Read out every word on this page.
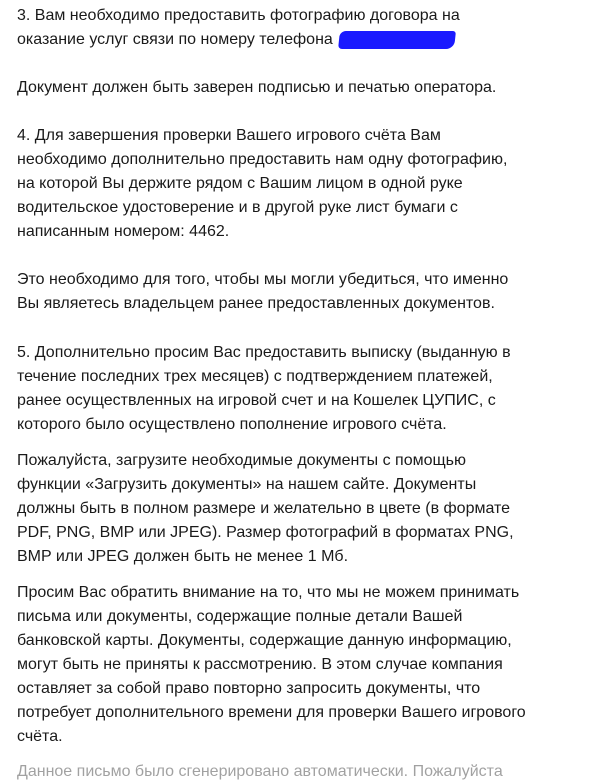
3. Вам необходимо предоставить фотографию договора на
оказание услуг связи по номеру телефона
Документ должен быть заверен подписью и печатью оператора.
4. Для завершения проверки Вашего игрового счёта Вам
необходимо дополнительно предоставить нам одну фотографию,
на которой Вы держите рядом с Вашим лицом в одной руке
водительское удостоверение и в другой руке лист бумаги с
написанным номером: 4462.
Это необходимо для того, чтобы мы могли убедиться, что именно
Вы являетесь владельцем ранее предоставленных документов.
5. Дополнительно просим Вас предоставить выписку (выданную в
течение последних трех месяцев) с подтверждением платежей,
ранее осуществленных на игровой счет и на Кошелек ЦУПИС, с
которого было осуществлено пополнение игрового счёта.
Пожалуйста, загрузите необходимые документы с помощью
функции «Загрузить документы» на нашем сайте. Документы
должны быть в полном размере и желательно в цвете (в формате
PDF, PNG, BMP или JPEG). Размер фотографий в форматах PNG,
BMP или JPEG должен быть не менее 1 Мб.
Просим Вас обратить внимание на то, что мы не можем принимать
письма или документы, содержащие полные детали Вашей
банковской карты. Документы, содержащие данную информацию,
могут быть не приняты к рассмотрению. В этом случае компания
оставляет за собой право повторно запросить документы, что
потребует дополнительного времени для проверки Вашего игрового
счёта.
Данное письмо было сгенерировано автоматически. Пожалуйста
